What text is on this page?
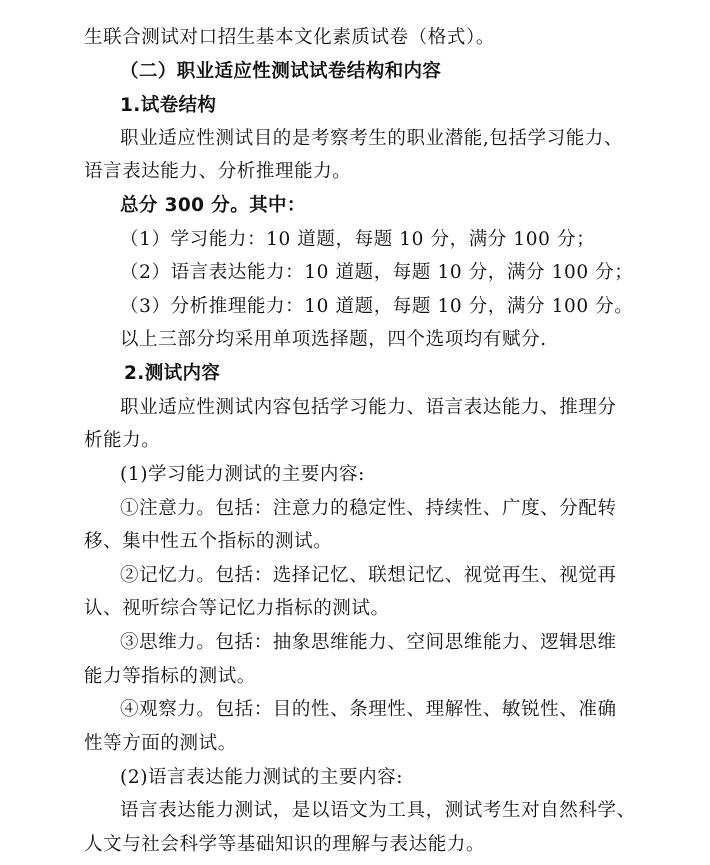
生联合测试对口招生基本文化素质试卷（格式）。
（二）职业适应性测试试卷结构和内容
1.试卷结构
职业适应性测试目的是考察考生的职业潜能,包括学习能力、
语言表达能力、分析推理能力。
总分 300 分。其中：
（1）学习能力：10 道题，每题 10 分，满分 100 分；
（2）语言表达能力：10 道题，每题 10 分，满分 100 分；
（3）分析推理能力：10 道题，每题 10 分，满分 100 分。
以上三部分均采用单项选择题，四个选项均有赋分.
2.测试内容
职业适应性测试内容包括学习能力、语言表达能力、推理分
析能力。
(1)学习能力测试的主要内容:
①注意力。包括：注意力的稳定性、持续性、广度、分配转
移、集中性五个指标的测试。
②记忆力。包括：选择记忆、联想记忆、视觉再生、视觉再
认、视听综合等记忆力指标的测试。
③思维力。包括：抽象思维能力、空间思维能力、逻辑思维
能力等指标的测试。
④观察力。包括：目的性、条理性、理解性、敏锐性、准确
性等方面的测试。
(2)语言表达能力测试的主要内容:
语言表达能力测试，是以语文为工具，测试考生对自然科学、
人文与社会科学等基础知识的理解与表达能力。
